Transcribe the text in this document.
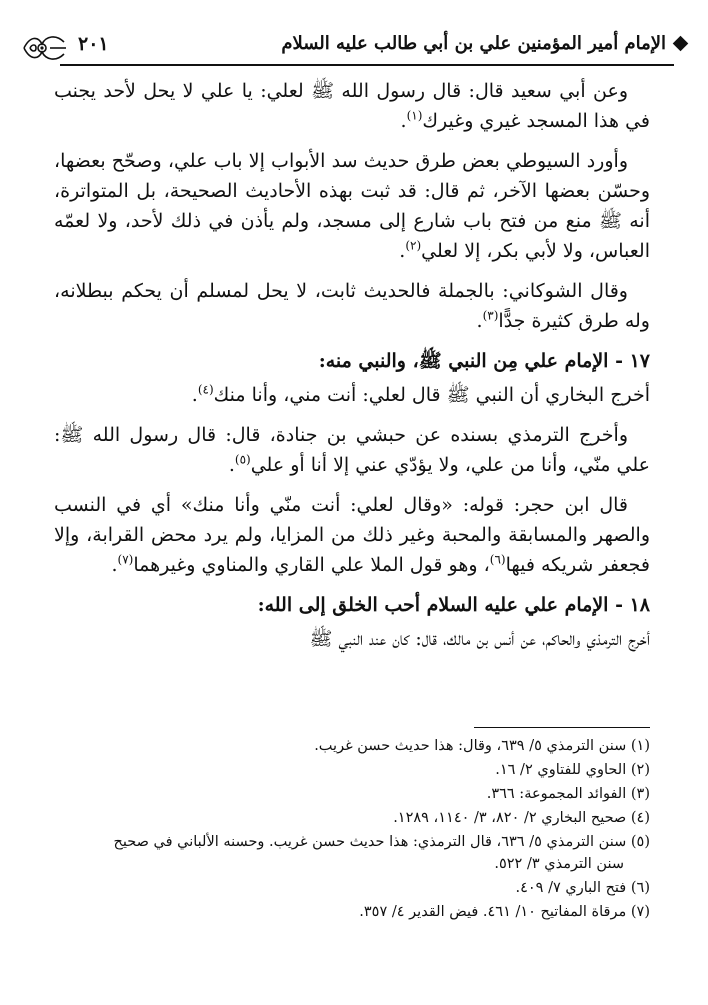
الإمام أمير المؤمنين علي بن أبي طالب عليه السلام
٢٠١

وعن أبي سعيد قال: قال رسول الله ﷺ لعلي: يا علي لا يحل لأحد يجنب في هذا المسجد غيري وغيرك$^{(١)}$.

وأورد السيوطي بعض طرق حديث سد الأبواب إلا باب علي، وصحّح بعضها، وحسّن بعضها الآخر، ثم قال: قد ثبت بهذه الأحاديث الصحيحة، بل المتواترة، أنه ﷺ منع من فتح باب شارع إلى مسجد، ولم يأذن في ذلك لأحد، ولا لعمّه العباس، ولا لأبي بكر، إلا لعلي$^{(٢)}$.

وقال الشوكاني: بالجملة فالحديث ثابت، لا يحل لمسلم أن يحكم ببطلانه، وله طرق كثيرة جدًّا$^{(٣)}$.

١٧ - الإمام علي مِن النبي ﷺ، والنبي منه:

أخرج البخاري أن النبي ﷺ قال لعلي: أنت مني، وأنا منك$^{(٤)}$.

وأخرج الترمذي بسنده عن حبشي بن جنادة، قال: قال رسول الله ﷺ: علي منّي، وأنا من علي، ولا يؤدّي عني إلا أنا أو علي$^{(٥)}$.

قال ابن حجر: قوله: «وقال لعلي: أنت منّي وأنا منك» أي في النسب والصهر والمسابقة والمحبة وغير ذلك من المزايا، ولم يرد محض القرابة، وإلا فجعفر شريكه فيها$^{(٦)}$، وهو قول الملا علي القاري والمناوي وغيرهما$^{(٧)}$.

١٨ - الإمام علي عليه السلام أحب الخلق إلى الله:

أخرج الترمذي والحاكم، عن أنس بن مالك، قال: كان عند النبي ﷺ

(١) سنن الترمذي ٥/ ٦٣٩، وقال: هذا حديث حسن غريب.

(٢) الحاوي للفتاوي ٢/ ١٦.

(٣) الفوائد المجموعة: ٣٦٦.

(٤) صحيح البخاري ٢/ ٨٢٠، ٣/ ١١٤٠، ١٢٨٩.

(٥) سنن الترمذي ٥/ ٦٣٦، قال الترمذي: هذا حديث حسن غريب. وحسنه الألباني في صحيح
سنن الترمذي ٣/ ٥٢٢.

(٦) فتح الباري ٧/ ٤٠٩.

(٧) مرقاة المفاتيح ١٠/ ٤٦١. فيض القدير ٤/ ٣٥٧.
